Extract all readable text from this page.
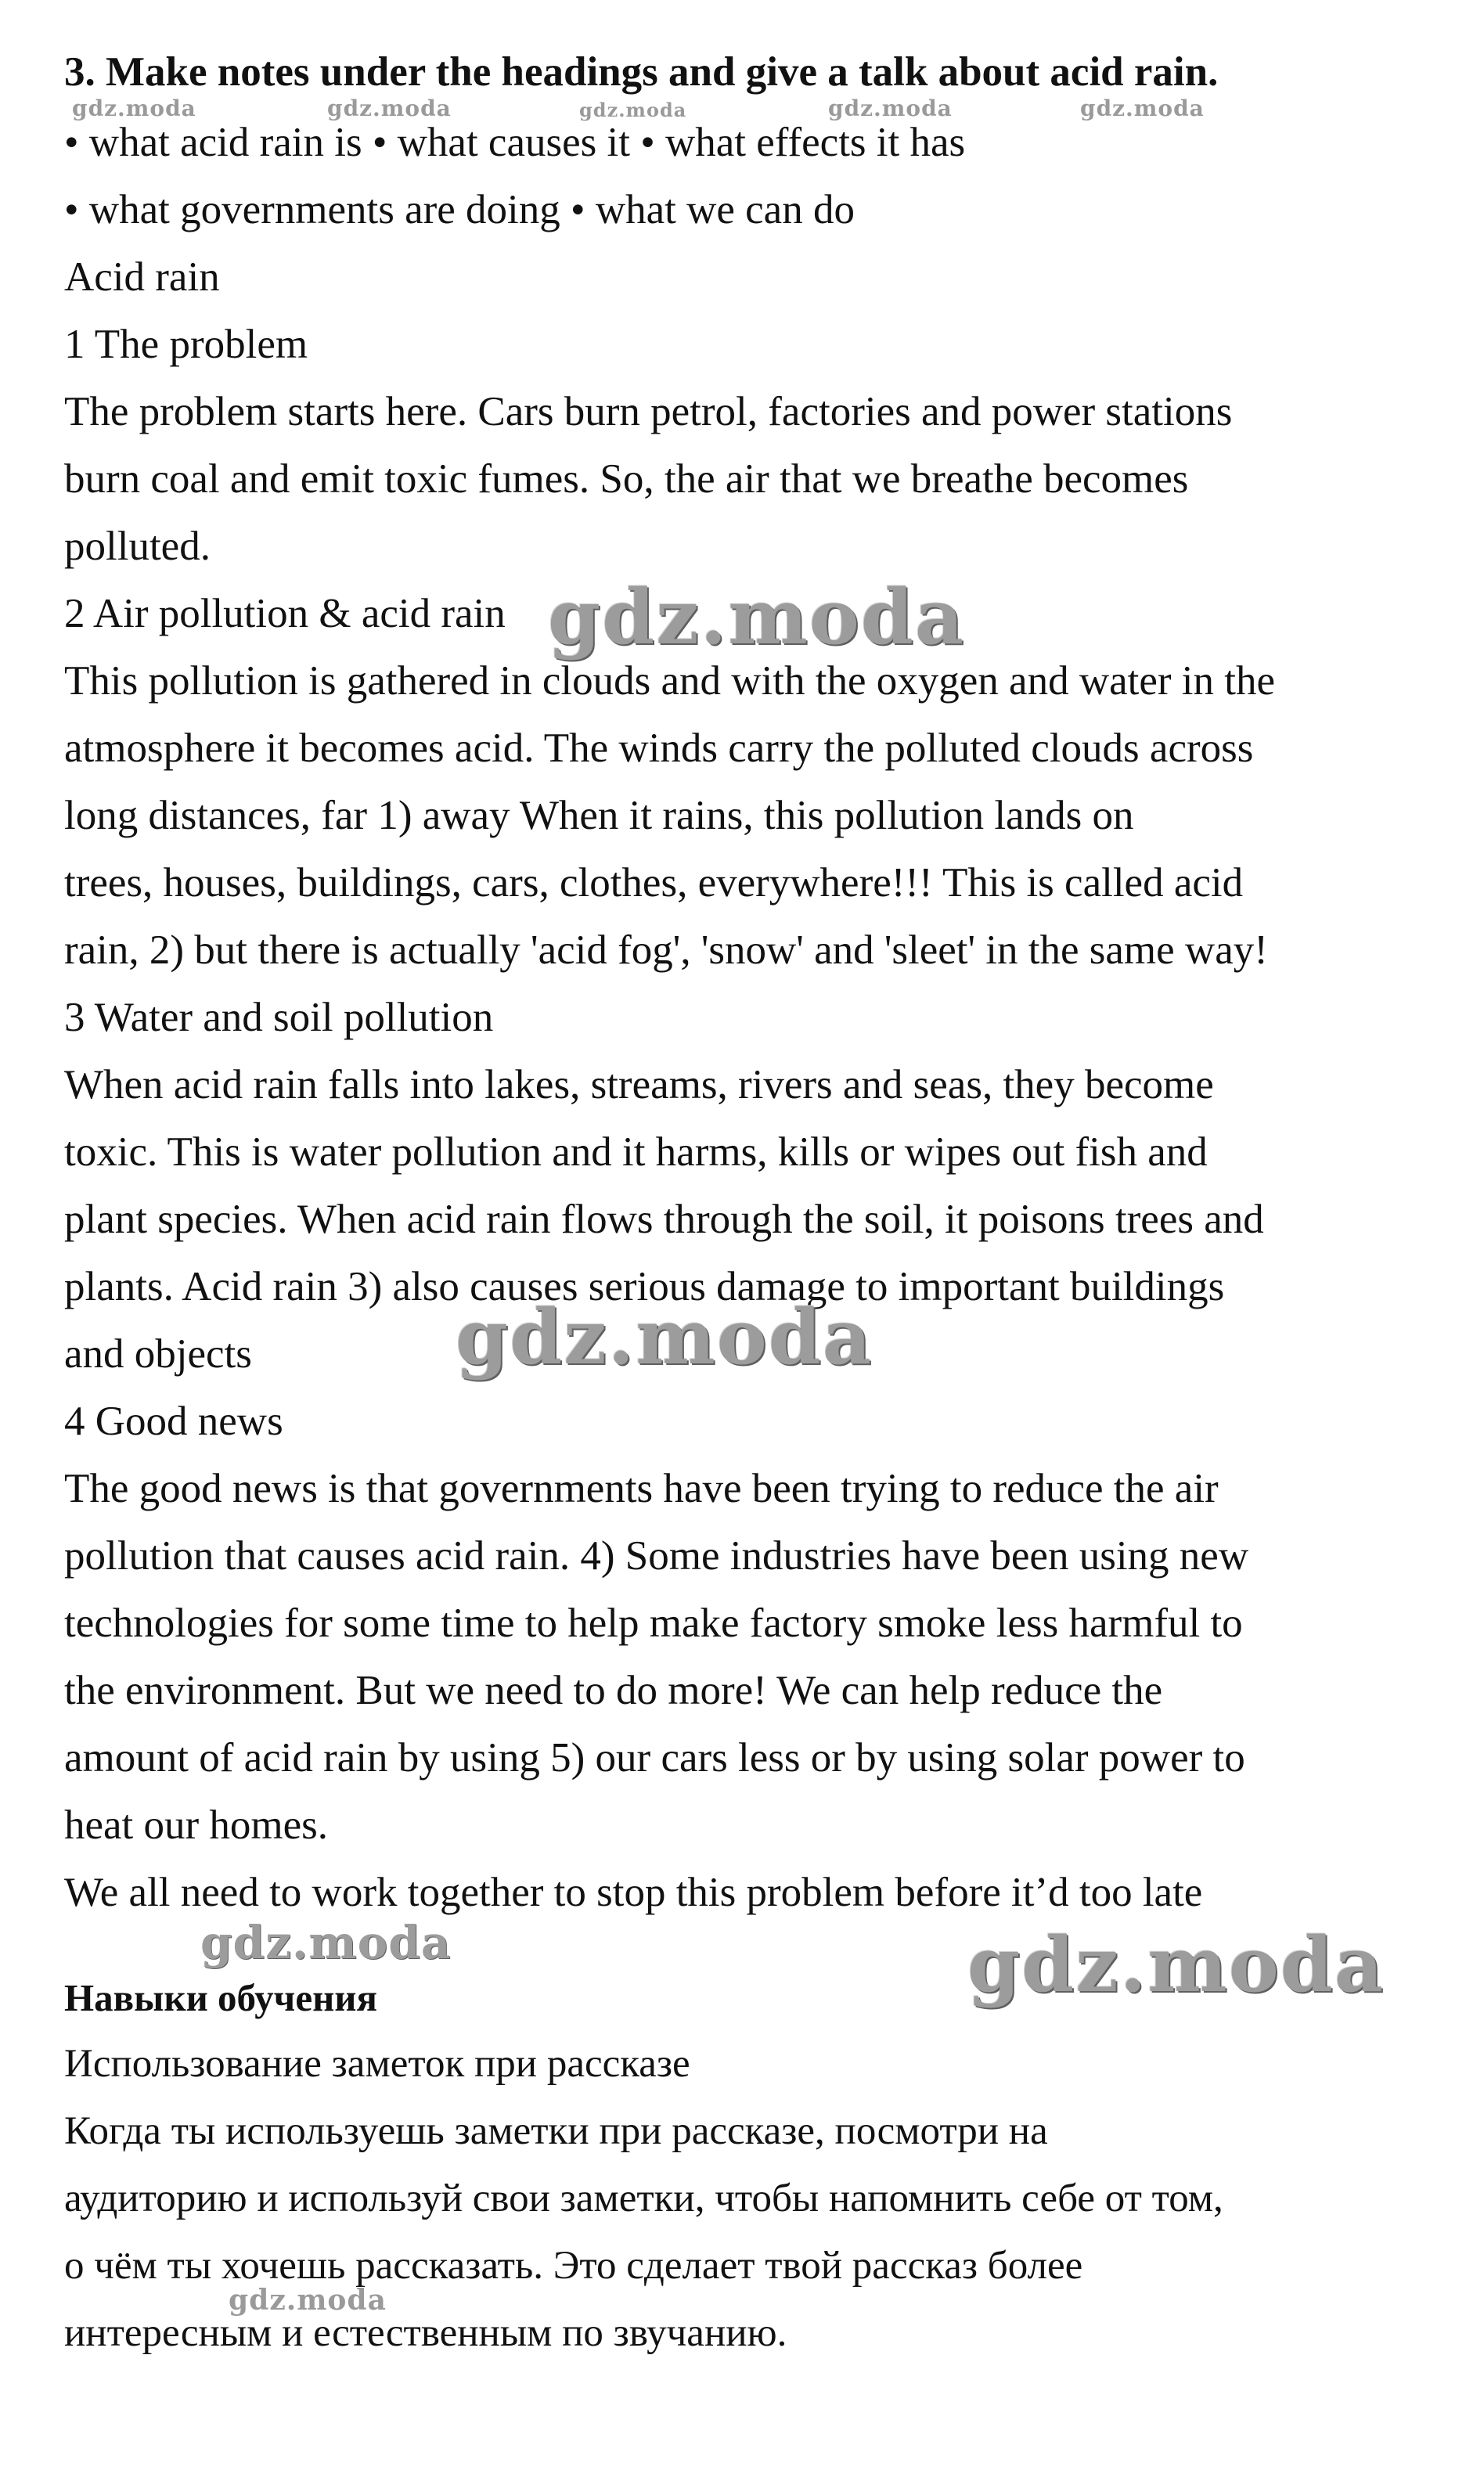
3. Make notes under the headings and give a talk about acid rain.
gdz.moda	gdz.moda	gdz.moda	gdz.moda	gdz.moda
• what acid rain is • what causes it • what effects it has
• what governments are doing • what we can do
Acid rain
1 The problem
The problem starts here. Cars burn petrol, factories and power stations
burn coal and emit toxic fumes. So, the air that we breathe becomes
polluted.
2 Air pollution & acid rain gdz.moda
This pollution is gathered in clouds and with the oxygen and water in the
atmosphere it becomes acid. The winds carry the polluted clouds across
long distances, far 1) away When it rains, this pollution lands on
trees, houses, buildings, cars, clothes, everywhere!!! This is called acid
rain, 2) but there is actually 'acid fog', 'snow' and 'sleet' in the same way!
3 Water and soil pollution
When acid rain falls into lakes, streams, rivers and seas, they become
toxic. This is water pollution and it harms, kills or wipes out fish and
plant species. When acid rain flows through the soil, it poisons trees and
plants. Acid rain 3) also causes serious damage to important buildings
gdz.moda
and objects
4 Good news
The good news is that governments have been trying to reduce the air
pollution that causes acid rain. 4) Some industries have been using new
technologies for some time to help make factory smoke less harmful to
the environment. But we need to do more! We can help reduce the
amount of acid rain by using 5) our cars less or by using solar power to
heat our homes.
We all need to work together to stop this problem before it’d too late
gdz.moda	gdz.moda
Навыки обучения
Использование заметок при рассказе
Когда ты используешь заметки при рассказе, посмотри на
аудиторию и используй свои заметки, чтобы напомнить себе от том,
о чём ты хочешь рассказать. Это сделает твой рассказ более
gdz.moda
интересным и естественным по звучанию.
